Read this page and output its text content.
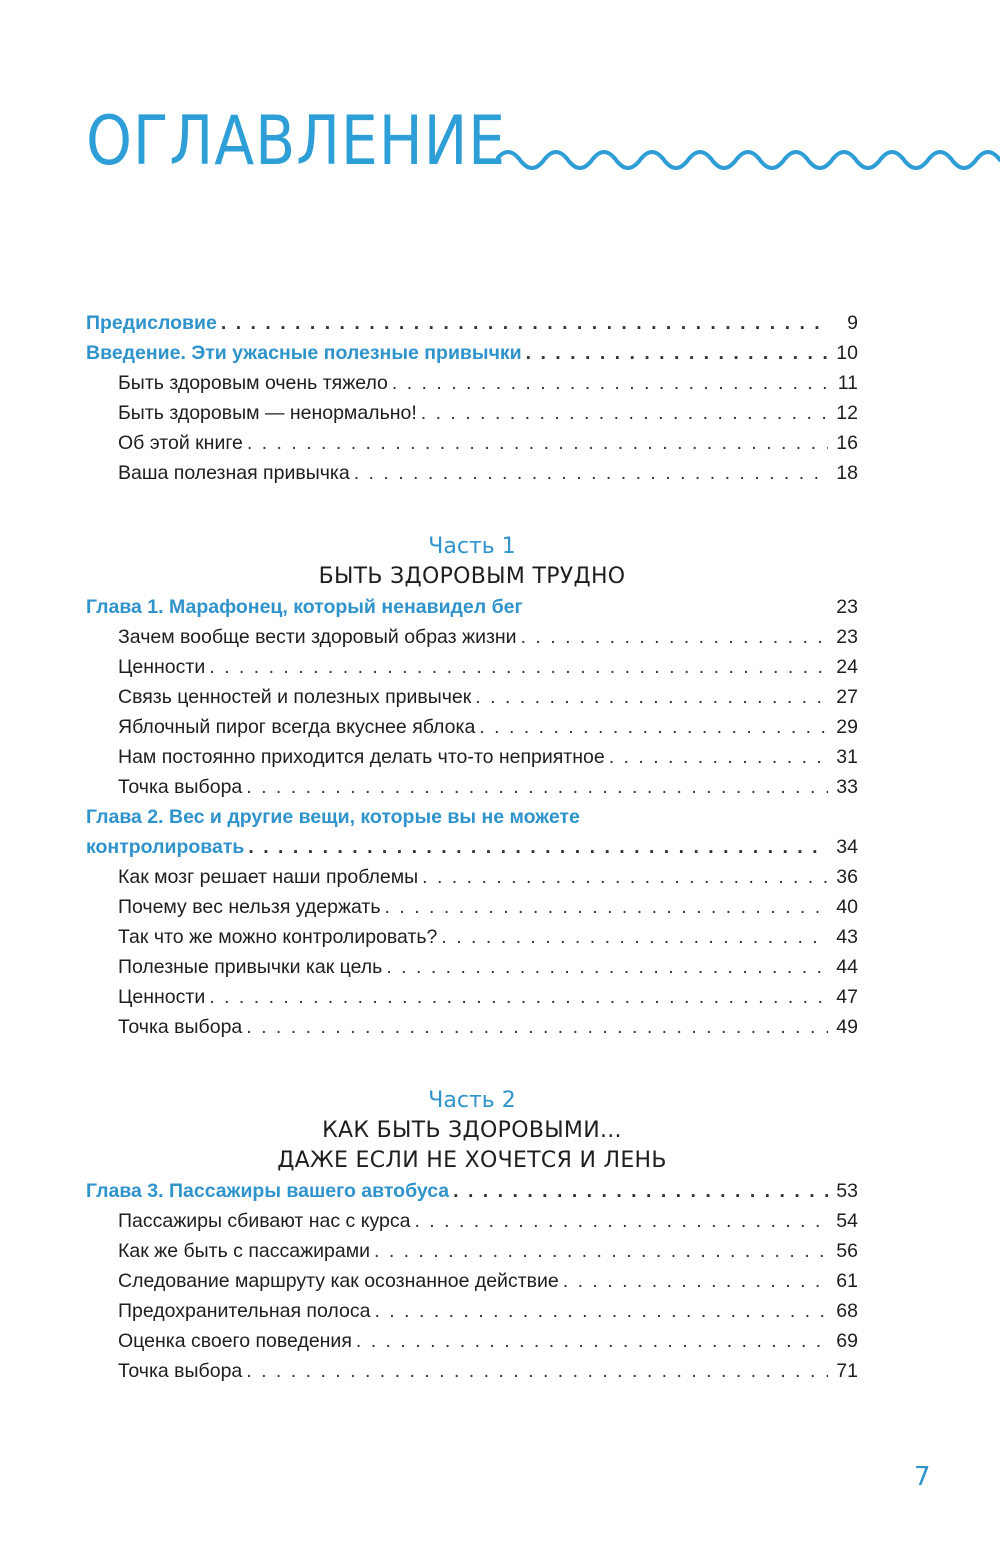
ОГЛАВЛЕНИЕ
Предисловие . . .	9
Введение. Эти ужасные полезные привычки . . .	10
Быть здоровым очень тяжело . . .	11
Быть здоровым — ненормально! . . .	12
Об этой книге . . .	16
Ваша полезная привычка . . .	18
Часть 1
БЫТЬ ЗДОРОВЫМ ТРУДНО
Глава 1. Марафонец, который ненавидел бег	23
Зачем вообще вести здоровый образ жизни . . .	23
Ценности . . .	24
Связь ценностей и полезных привычек . . .	27
Яблочный пирог всегда вкуснее яблока . . .	29
Нам постоянно приходится делать что-то неприятное . . .	31
Точка выбора . . .	33
Глава 2. Вес и другие вещи, которые вы не можете
контролировать . . .	34
Как мозг решает наши проблемы . . .	36
Почему вес нельзя удержать . . .	40
Так что же можно контролировать? . . .	43
Полезные привычки как цель . . .	44
Ценности . . .	47
Точка выбора . . .	49
Часть 2
КАК БЫТЬ ЗДОРОВЫМИ...
ДАЖЕ ЕСЛИ НЕ ХОЧЕТСЯ И ЛЕНЬ
Глава 3. Пассажиры вашего автобуса . . .	53
Пассажиры сбивают нас с курса . . .	54
Как же быть с пассажирами . . .	56
Следование маршруту как осознанное действие . . .	61
Предохранительная полоса . . .	68
Оценка своего поведения . . .	69
Точка выбора . . .	71
7
